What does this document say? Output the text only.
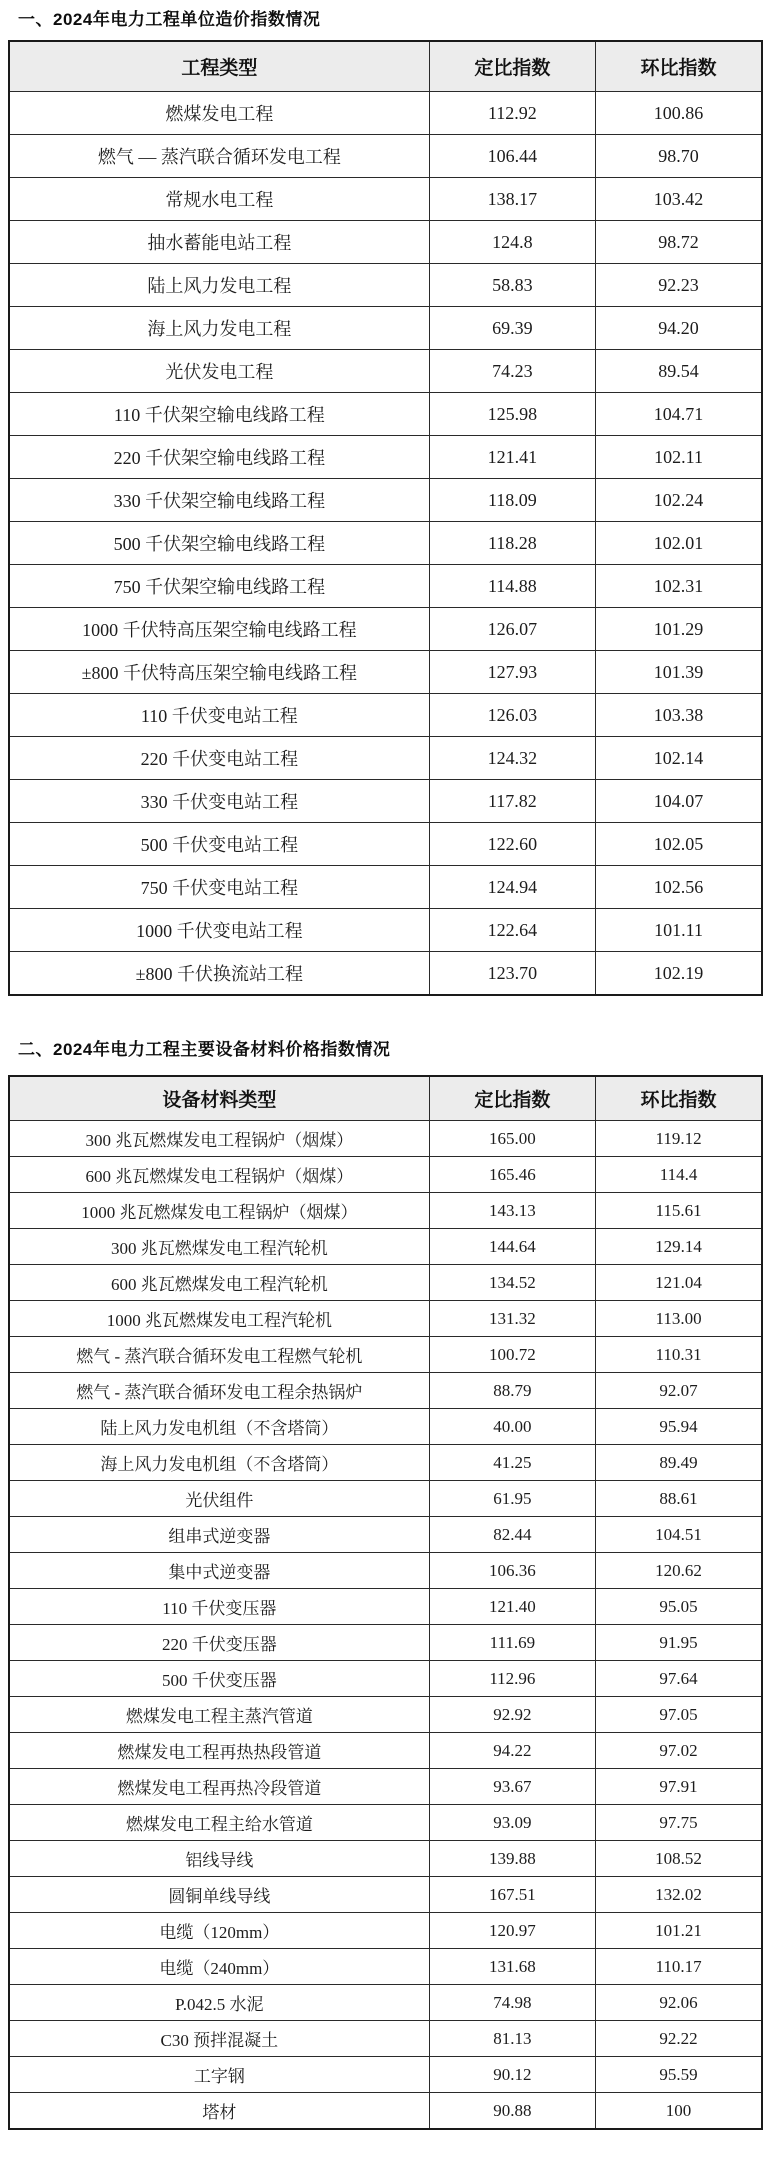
一、2024年电力工程单位造价指数情况
工程类型	定比指数	环比指数
燃煤发电工程	112.92	100.86
燃气 — 蒸汽联合循环发电工程	106.44	98.70
常规水电工程	138.17	103.42
抽水蓄能电站工程	124.8	98.72
陆上风力发电工程	58.83	92.23
海上风力发电工程	69.39	94.20
光伏发电工程	74.23	89.54
110 千伏架空输电线路工程	125.98	104.71
220 千伏架空输电线路工程	121.41	102.11
330 千伏架空输电线路工程	118.09	102.24
500 千伏架空输电线路工程	118.28	102.01
750 千伏架空输电线路工程	114.88	102.31
1000 千伏特高压架空输电线路工程	126.07	101.29
±800 千伏特高压架空输电线路工程	127.93	101.39
110 千伏变电站工程	126.03	103.38
220 千伏变电站工程	124.32	102.14
330 千伏变电站工程	117.82	104.07
500 千伏变电站工程	122.60	102.05
750 千伏变电站工程	124.94	102.56
1000 千伏变电站工程	122.64	101.11
±800 千伏换流站工程	123.70	102.19
二、2024年电力工程主要设备材料价格指数情况
设备材料类型	定比指数	环比指数
300 兆瓦燃煤发电工程锅炉（烟煤）	165.00	119.12
600 兆瓦燃煤发电工程锅炉（烟煤）	165.46	114.4
1000 兆瓦燃煤发电工程锅炉（烟煤）	143.13	115.61
300 兆瓦燃煤发电工程汽轮机	144.64	129.14
600 兆瓦燃煤发电工程汽轮机	134.52	121.04
1000 兆瓦燃煤发电工程汽轮机	131.32	113.00
燃气 - 蒸汽联合循环发电工程燃气轮机	100.72	110.31
燃气 - 蒸汽联合循环发电工程余热锅炉	88.79	92.07
陆上风力发电机组（不含塔筒）	40.00	95.94
海上风力发电机组（不含塔筒）	41.25	89.49
光伏组件	61.95	88.61
组串式逆变器	82.44	104.51
集中式逆变器	106.36	120.62
110 千伏变压器	121.40	95.05
220 千伏变压器	111.69	91.95
500 千伏变压器	112.96	97.64
燃煤发电工程主蒸汽管道	92.92	97.05
燃煤发电工程再热热段管道	94.22	97.02
燃煤发电工程再热冷段管道	93.67	97.91
燃煤发电工程主给水管道	93.09	97.75
铝线导线	139.88	108.52
圆铜单线导线	167.51	132.02
电缆（120mm）	120.97	101.21
电缆（240mm）	131.68	110.17
P.042.5 水泥	74.98	92.06
C30 预拌混凝土	81.13	92.22
工字钢	90.12	95.59
塔材	90.88	100
